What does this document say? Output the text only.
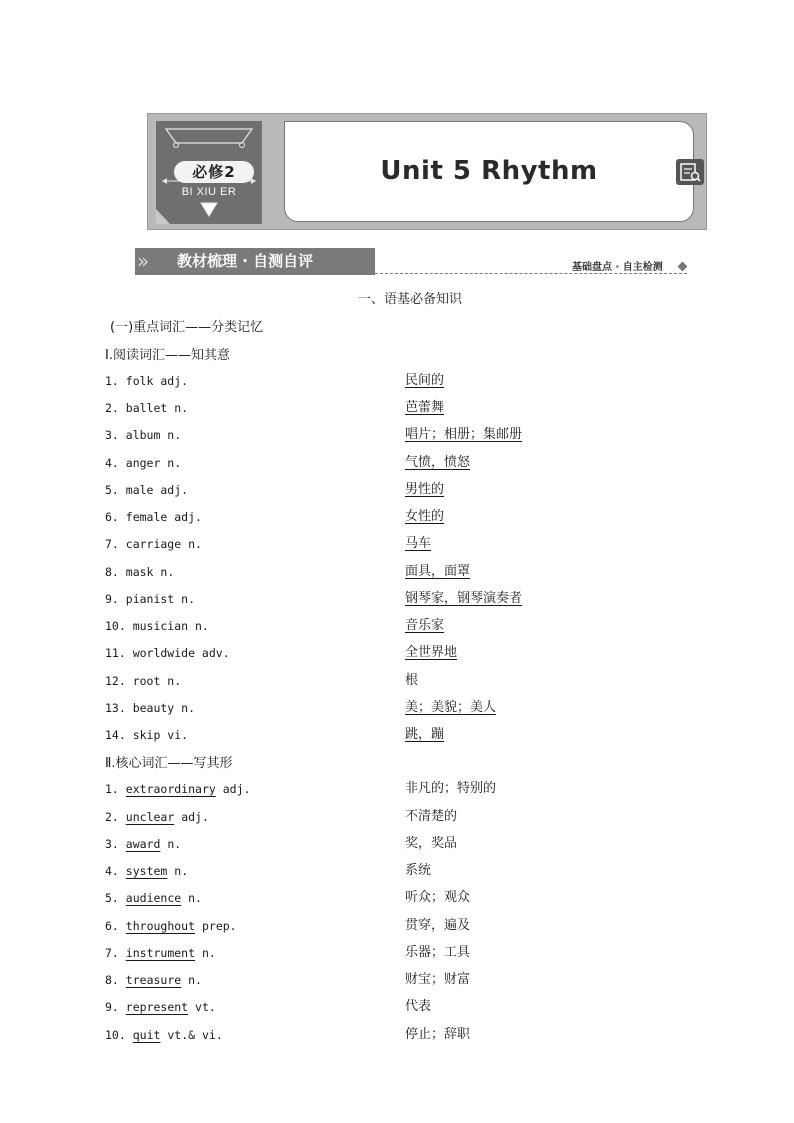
必修2
BI XIU ER
Unit 5 Rhythm
» 教材梳理 · 自测自评	基础盘点 · 自主检测
一、语基必备知识
(一)重点词汇——分类记忆
Ⅰ.阅读词汇——知其意
1. folk adj.	民间的
2. ballet n.	芭蕾舞
3. album n.	唱片；相册；集邮册
4. anger n.	气愤，愤怒
5. male adj.	男性的
6. female adj.	女性的
7. carriage n.	马车
8. mask n.	面具，面罩
9. pianist n.	钢琴家，钢琴演奏者
10. musician n.	音乐家
11. worldwide adv.	全世界地
12. root n.	根
13. beauty n.	美；美貌；美人
14. skip vi.	跳，蹦
Ⅱ.核心词汇——写其形
1. extraordinary adj.	非凡的；特别的
2. unclear adj.	不清楚的
3. award n.	奖，奖品
4. system n.	系统
5. audience n.	听众；观众
6. throughout prep.	贯穿，遍及
7. instrument n.	乐器；工具
8. treasure n.	财宝；财富
9. represent vt.	代表
10. quit vt.& vi.	停止；辞职
